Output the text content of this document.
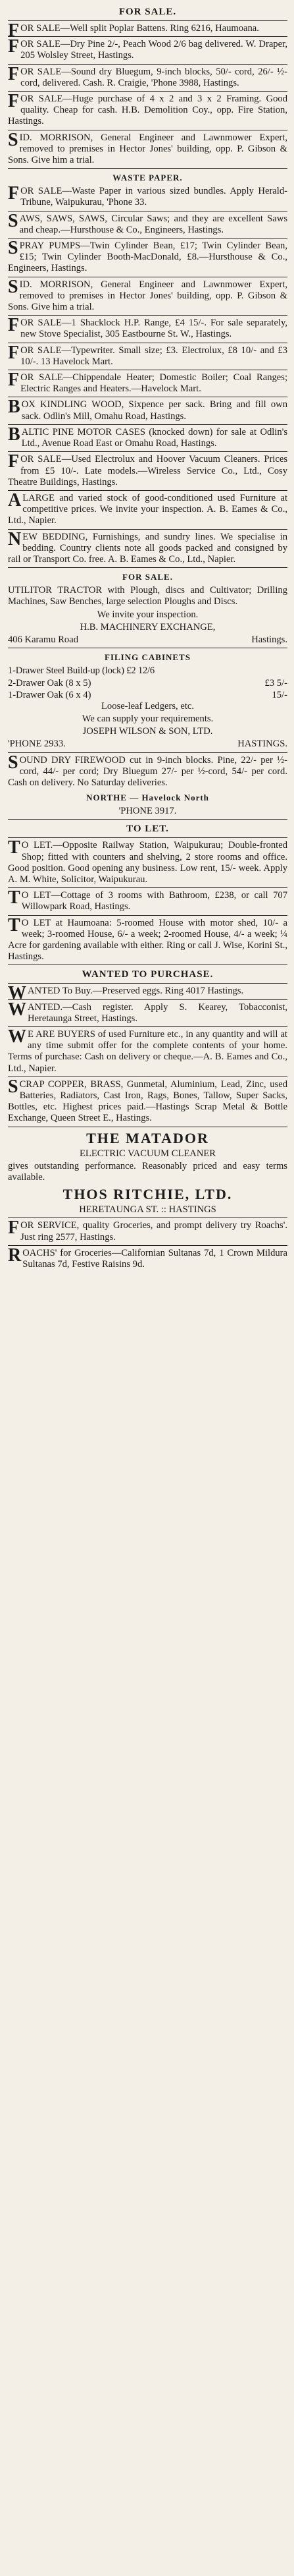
FOR SALE.
FOR SALE—Well split Poplar Battens. Ring 6216, Haumoana.
FOR SALE—Dry Pine 2/-, Peach Wood 2/6 bag delivered. W. Draper, 205 Wolsley Street, Hastings.
FOR SALE—Sound dry Bluegum, 9-inch blocks, 50/- cord, 26/- ½-cord, delivered. Cash. R. Craigie, 'Phone 3988, Hastings.
FOR SALE—Huge purchase of 4 x 2 and 3 x 2 Framing. Good quality. Cheap for cash. H.B. Demolition Coy., opp. Fire Station, Hastings.
SID. MORRISON, General Engineer and Lawnmower Expert, removed to premises in Hector Jones' building, opp. P. Gibson & Sons. Give him a trial.
WASTE PAPER.
FOR SALE—Waste Paper in various sized bundles. Apply Herald-Tribune, Waipukurau, 'Phone 33.
SAWS, SAWS, SAWS, Circular Saws; and they are excellent Saws and cheap.—Hursthouse & Co., Engineers, Hastings.
SPRAY PUMPS—Twin Cylinder Bean, £17; Twin Cylinder Bean, £15; Twin Cylinder Booth-MacDonald, £8.—Hursthouse & Co., Engineers, Hastings.
SID. MORRISON, General Engineer and Lawnmower Expert, removed to premises in Hector Jones' building, opp. P. Gibson & Sons. Give him a trial.
FOR SALE—1 Shacklock H.P. Range, £4 15/-. For sale separately, new Stove Specialist, 305 Eastbourne St. W., Hastings.
FOR SALE—Typewriter. Small size; £3. Electrolux, £8 10/- and £3 10/-. 13 Havelock Mart.
FOR SALE—Chippendale Heater; Domestic Boiler; Coal Ranges; Electric Ranges and Heaters.—Havelock Mart.
BOX KINDLING WOOD, Sixpence per sack. Bring and fill own sack. Odlin's Mill, Omahu Road, Hastings.
BALTIC PINE MOTOR CASES (knocked down) for sale at Odlin's Ltd., Avenue Road East or Omahu Road, Hastings.
FOR SALE—Used Electrolux and Hoover Vacuum Cleaners. Prices from £5 10/-. Late models.—Wireless Service Co., Ltd., Cosy Theatre Buildings, Hastings.
ALARGE and varied stock of good-conditioned used Furniture at competitive prices. We invite your inspection. A. B. Eames & Co., Ltd., Napier.
NEW BEDDING, Furnishings, and sundry lines. We specialise in bedding. Country clients note all goods packed and consigned by rail or Transport Co. free. A. B. Eames & Co., Ltd., Napier.
FOR SALE.
UTILITOR TRACTOR with Plough, discs and Cultivator; Drilling Machines, Saw Benches, large selection Ploughs and Discs.
We invite your inspection.
H.B. MACHINERY EXCHANGE,
406 Karamu Road	Hastings.
FILING CABINETS
1-Drawer Steel Build-up (lock) £2 12/6
2-Drawer Oak (8 x 5)	£3 5/-
1-Drawer Oak (6 x 4)	15/-
Loose-leaf Ledgers, etc.
We can supply your requirements.
JOSEPH WILSON & SON, LTD.
'PHONE 2933.	HASTINGS.
SOUND DRY FIREWOOD cut in 9-inch blocks. Pine, 22/- per ½-cord, 44/- per cord; Dry Bluegum 27/- per ½-cord, 54/- per cord. Cash on delivery. No Saturday deliveries.
NORTHE — Havelock North
'PHONE 3917.
TO LET.
T O LET.—Opposite Railway Station, Waipukurau; Double-fronted Shop; fitted with counters and shelving, 2 store rooms and office. Good position. Good opening any business. Low rent, 15/- week. Apply A. M. White, Solicitor, Waipukurau.
T O LET—Cottage of 3 rooms with Bathroom, £238, or call 707 Willowpark Road, Hastings.
T O LET at Haumoana: 5-roomed House with motor shed, 10/- a week; 3-roomed House, 6/- a week; 2-roomed House, 4/- a week; ¼ Acre for gardening available with either. Ring or call J. Wise, Korini St., Hastings.
WANTED TO PURCHASE.
WANTED To Buy.—Preserved eggs. Ring 4017 Hastings.
WANTED.—Cash register. Apply S. Kearey, Tobacconist, Heretaunga Street, Hastings.
W E ARE BUYERS of used Furniture etc., in any quantity and will at any time submit offer for the complete contents of your home. Terms of purchase: Cash on delivery or cheque.—A. B. Eames and Co., Ltd., Napier.
SCRAP COPPER, BRASS, Gunmetal, Aluminium, Lead, Zinc, used Batteries, Radiators, Cast Iron, Rags, Bones, Tallow, Super Sacks, Bottles, etc. Highest prices paid.—Hastings Scrap Metal & Bottle Exchange, Queen Street E., Hastings.
THE MATADOR
ELECTRIC VACUUM CLEANER
gives outstanding performance. Reasonably priced and easy terms available.
THOS RITCHIE, LTD.
HERETAUNGA ST. :: HASTINGS
FOR SERVICE, quality Groceries, and prompt delivery try Roachs'. Just ring 2577, Hastings.
ROACHS' for Groceries—Californian Sultanas 7d, 1 Crown Mildura Sultanas 7d, Festive Raisins 9d.
